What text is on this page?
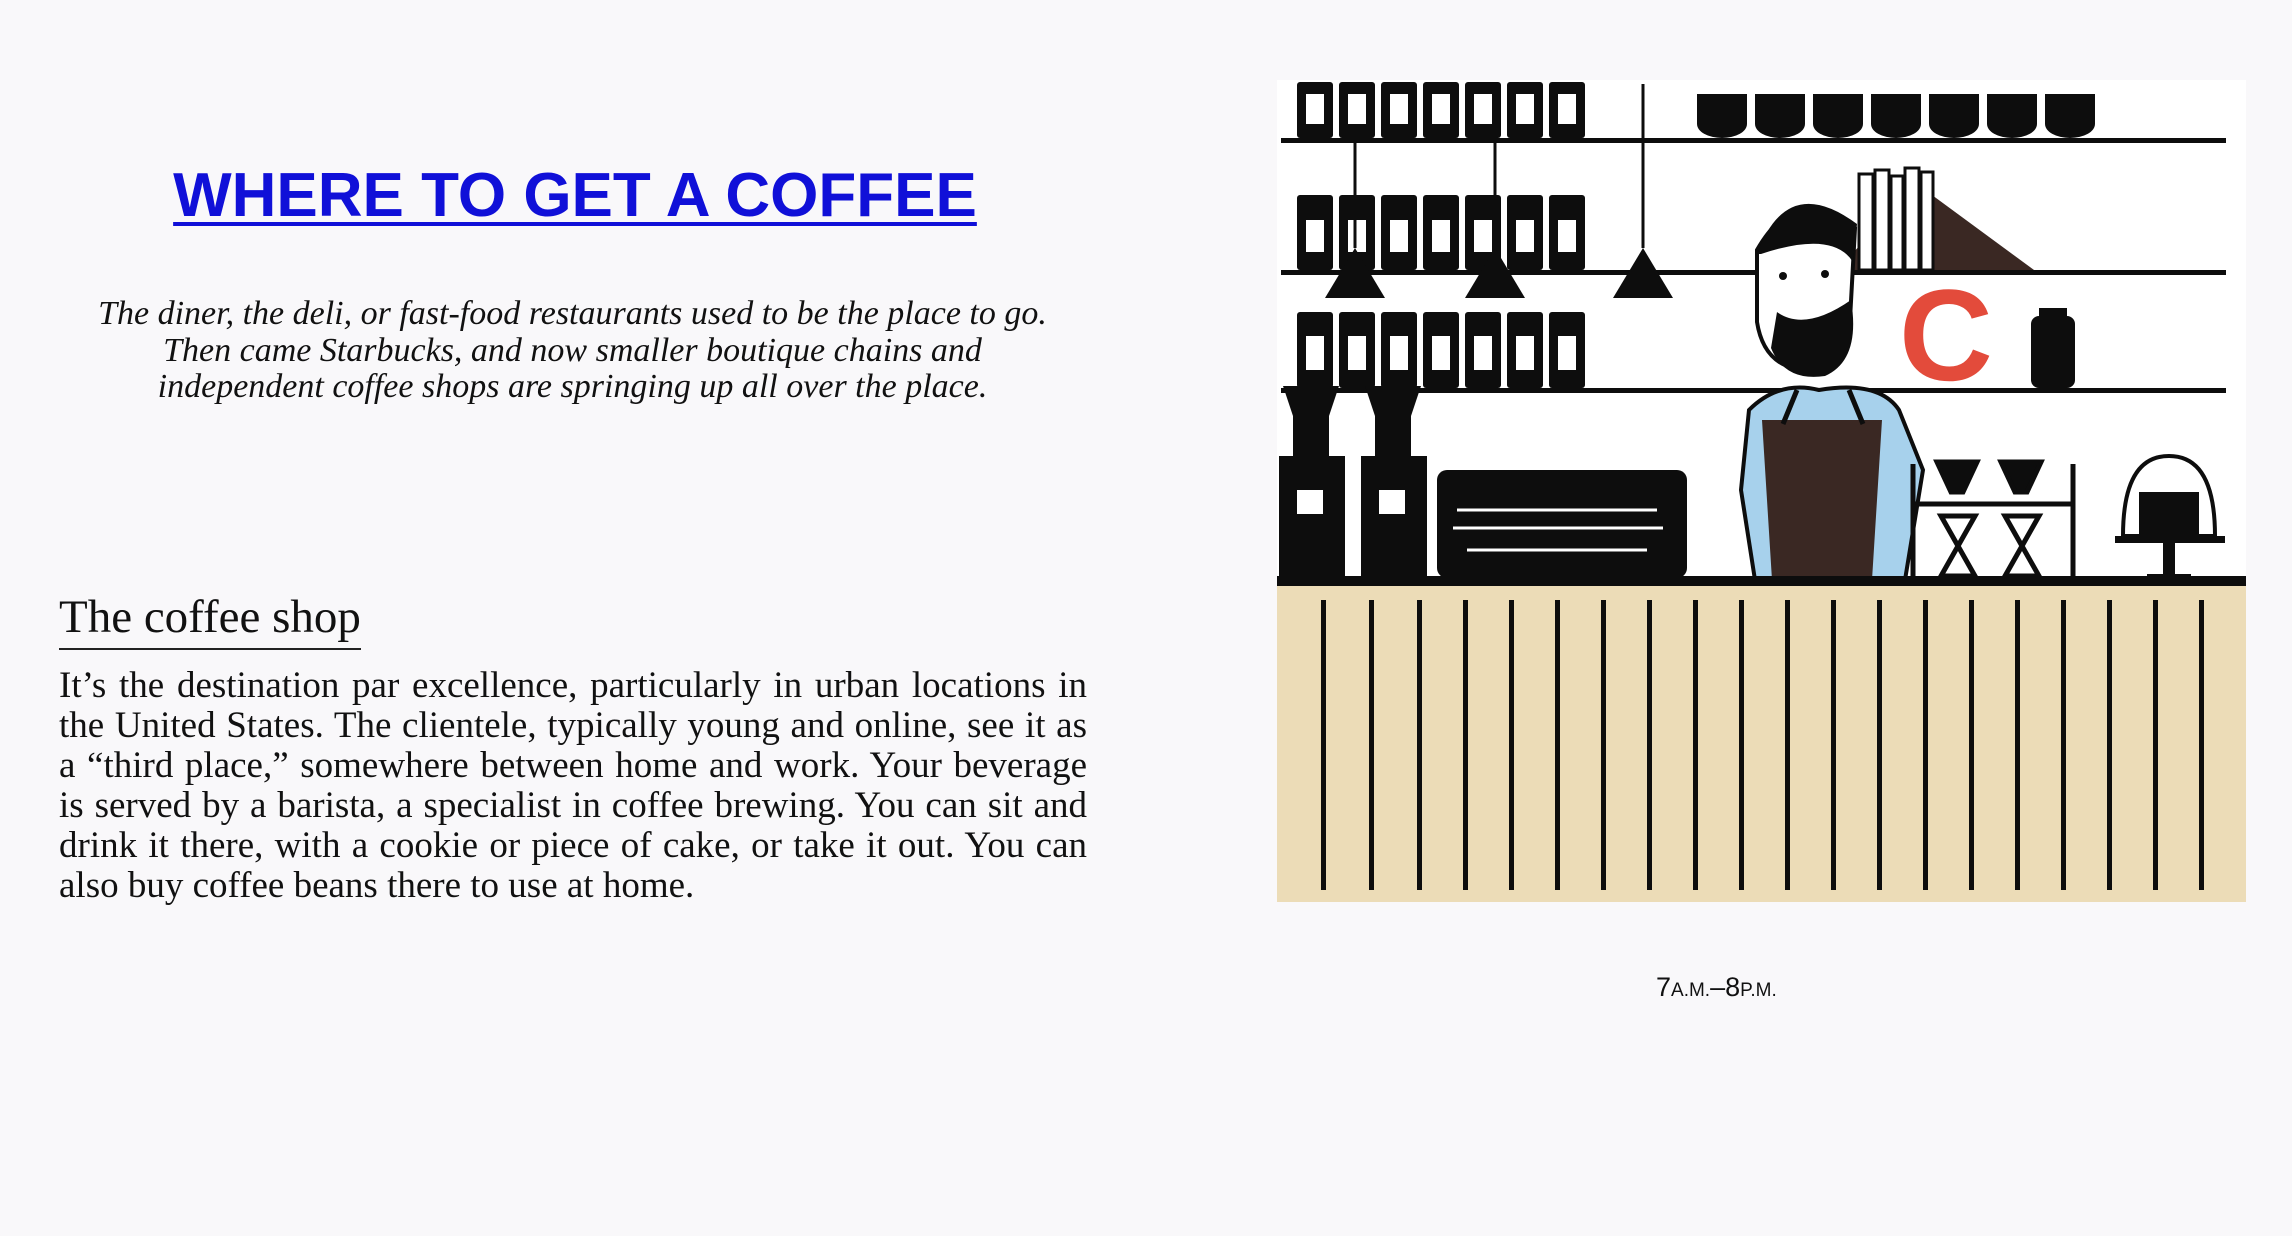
WHERE TO GET A COFFEE

The diner, the deli, or fast-food restaurants used to be the place to go.

Then came Starbucks, and now smaller boutique chains and independent coffee shops are springing up all over the place.

The coffee shop

It’s the destination par excellence, particularly in urban locations in the United States. The clientele, typically young and online, see it as a “third place,” somewhere between home and work. Your beverage is served by a barista, a specialist in coffee brewing. You can sit and drink it there, with a cookie or piece of cake, or take it out. You can also buy coffee beans there to use at home.

C
7A.M.–8P.M.
